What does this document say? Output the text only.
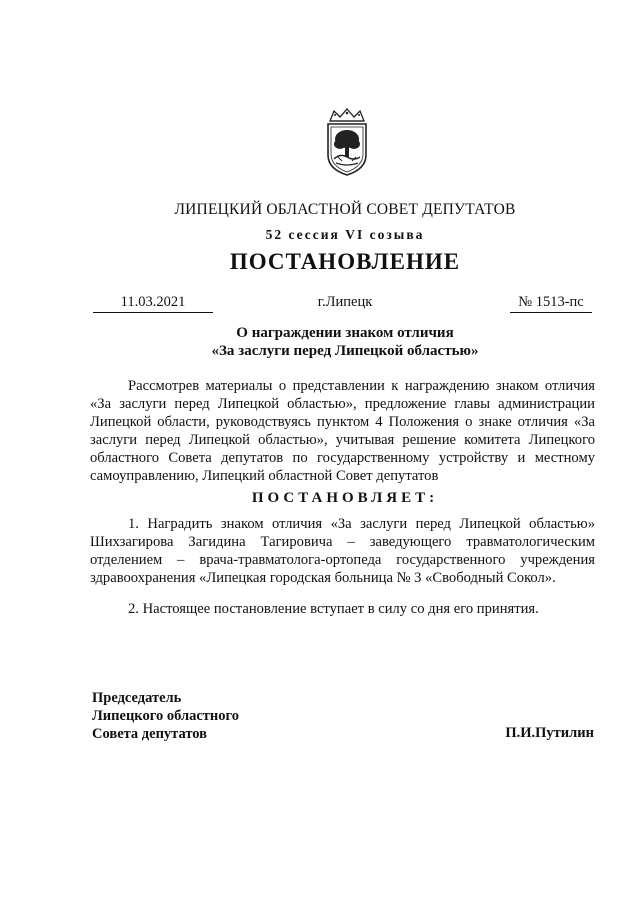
ЛИПЕЦКИЙ ОБЛАСТНОЙ СОВЕТ ДЕПУТАТОВ
52 сессия VI созыва
ПОСТАНОВЛЕНИЕ
11.03.2021	г.Липецк	№ 1513-пс
О награждении знаком отличия
«За заслуги перед Липецкой областью»

Рассмотрев материалы о представлении к награждению знаком отличия «За заслуги перед Липецкой областью», предложение главы администрации Липецкой области, руководствуясь пунктом 4 Положения о знаке отличия «За заслуги перед Липецкой областью», учитывая решение комитета Липецкого областного Совета депутатов по государственному устройству и местному самоуправлению, Липецкий областной Совет депутатов

ПОСТАНОВЛЯЕТ:

1. Наградить знаком отличия «За заслуги перед Липецкой областью» Шихзагирова Загидина Тагировича – заведующего травматологическим отделением – врача-травматолога-ортопеда государственного учреждения здравоохранения «Липецкая городская больница № 3 «Свободный Сокол».

2. Настоящее постановление вступает в силу со дня его принятия.

Председатель
Липецкого областного
Совета депутатов	П.И.Путилин
